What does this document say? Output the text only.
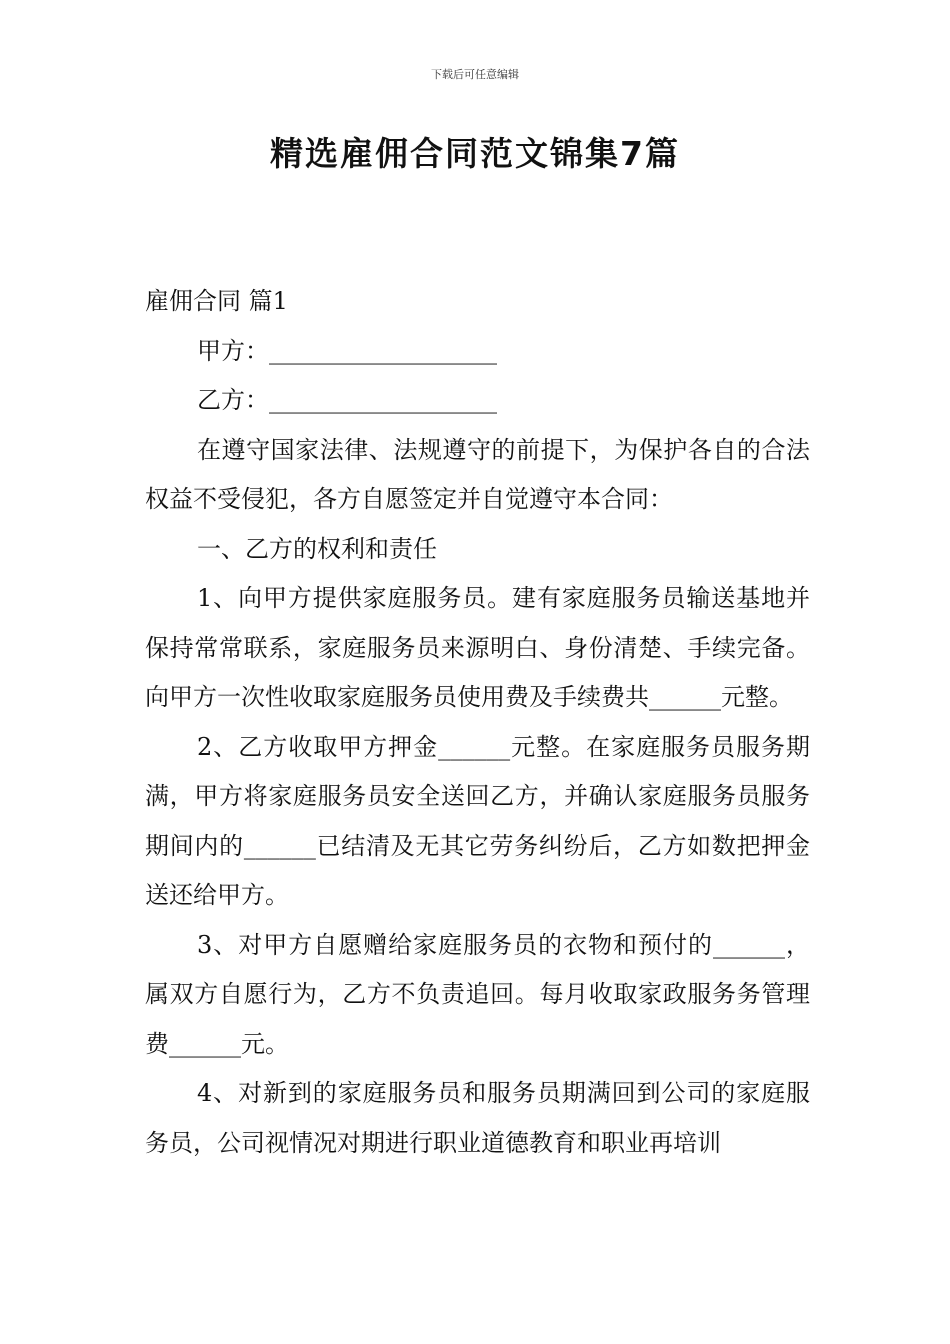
下载后可任意编辑
精选雇佣合同范文锦集7篇

雇佣合同 篇1

甲方：___________________

乙方：___________________

在遵守国家法律、法规遵守的前提下，为保护各自的合法权益不受侵犯，各方自愿签定并自觉遵守本合同：

一、乙方的权利和责任

1、向甲方提供家庭服务员。建有家庭服务员输送基地并保持常常联系，家庭服务员来源明白、身份清楚、手续完备。向甲方一次性收取家庭服务员使用费及手续费共______元整。

2、乙方收取甲方押金______元整。在家庭服务员服务期满，甲方将家庭服务员安全送回乙方，并确认家庭服务员服务期间内的______已结清及无其它劳务纠纷后，乙方如数把押金送还给甲方。

3、对甲方自愿赠给家庭服务员的衣物和预付的______，属双方自愿行为，乙方不负责追回。每月收取家政服务务管理费______元。

4、对新到的家庭服务员和服务员期满回到公司的家庭服务员，公司视情况对期进行职业道德教育和职业再培训
